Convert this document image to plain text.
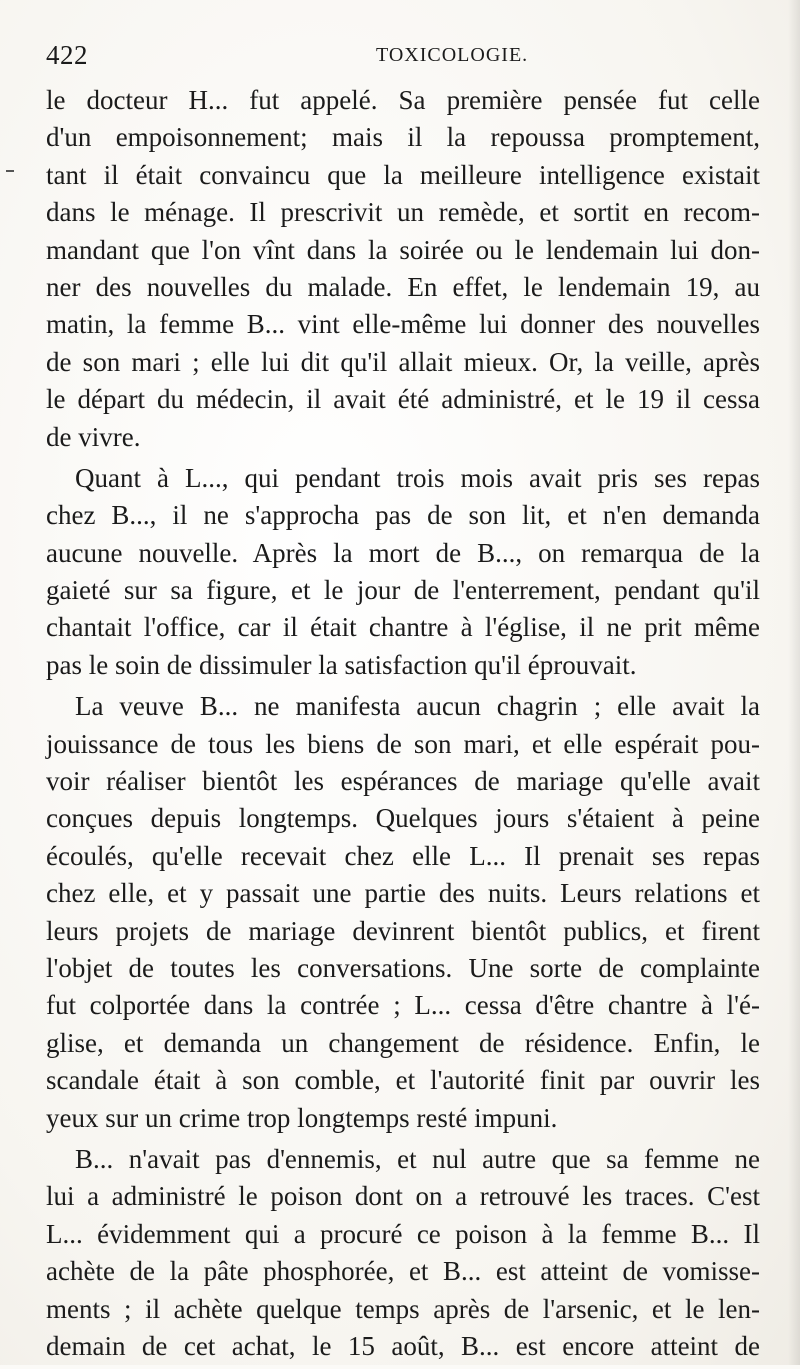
422	TOXICOLOGIE.
le docteur H... fut appelé. Sa première pensée fut celle
d'un empoisonnement; mais il la repoussa promptement,
tant il était convaincu que la meilleure intelligence existait
dans le ménage. Il prescrivit un remède, et sortit en recom-
mandant que l'on vînt dans la soirée ou le lendemain lui don-
ner des nouvelles du malade. En effet, le lendemain 19, au
matin, la femme B... vint elle-même lui donner des nouvelles
de son mari ; elle lui dit qu'il allait mieux. Or, la veille, après
le départ du médecin, il avait été administré, et le 19 il cessa
de vivre.
Quant à L..., qui pendant trois mois avait pris ses repas
chez B..., il ne s'approcha pas de son lit, et n'en demanda
aucune nouvelle. Après la mort de B..., on remarqua de la
gaieté sur sa figure, et le jour de l'enterrement, pendant qu'il
chantait l'office, car il était chantre à l'église, il ne prit même
pas le soin de dissimuler la satisfaction qu'il éprouvait.
La veuve B... ne manifesta aucun chagrin ; elle avait la
jouissance de tous les biens de son mari, et elle espérait pou-
voir réaliser bientôt les espérances de mariage qu'elle avait
conçues depuis longtemps. Quelques jours s'étaient à peine
écoulés, qu'elle recevait chez elle L... Il prenait ses repas
chez elle, et y passait une partie des nuits. Leurs relations et
leurs projets de mariage devinrent bientôt publics, et firent
l'objet de toutes les conversations. Une sorte de complainte
fut colportée dans la contrée ; L... cessa d'être chantre à l'é-
glise, et demanda un changement de résidence. Enfin, le
scandale était à son comble, et l'autorité finit par ouvrir les
yeux sur un crime trop longtemps resté impuni.
B... n'avait pas d'ennemis, et nul autre que sa femme ne
lui a administré le poison dont on a retrouvé les traces. C'est
L... évidemment qui a procuré ce poison à la femme B... Il
achète de la pâte phosphorée, et B... est atteint de vomisse-
ments ; il achète quelque temps après de l'arsenic, et le len-
demain de cet achat, le 15 août, B... est encore atteint de
